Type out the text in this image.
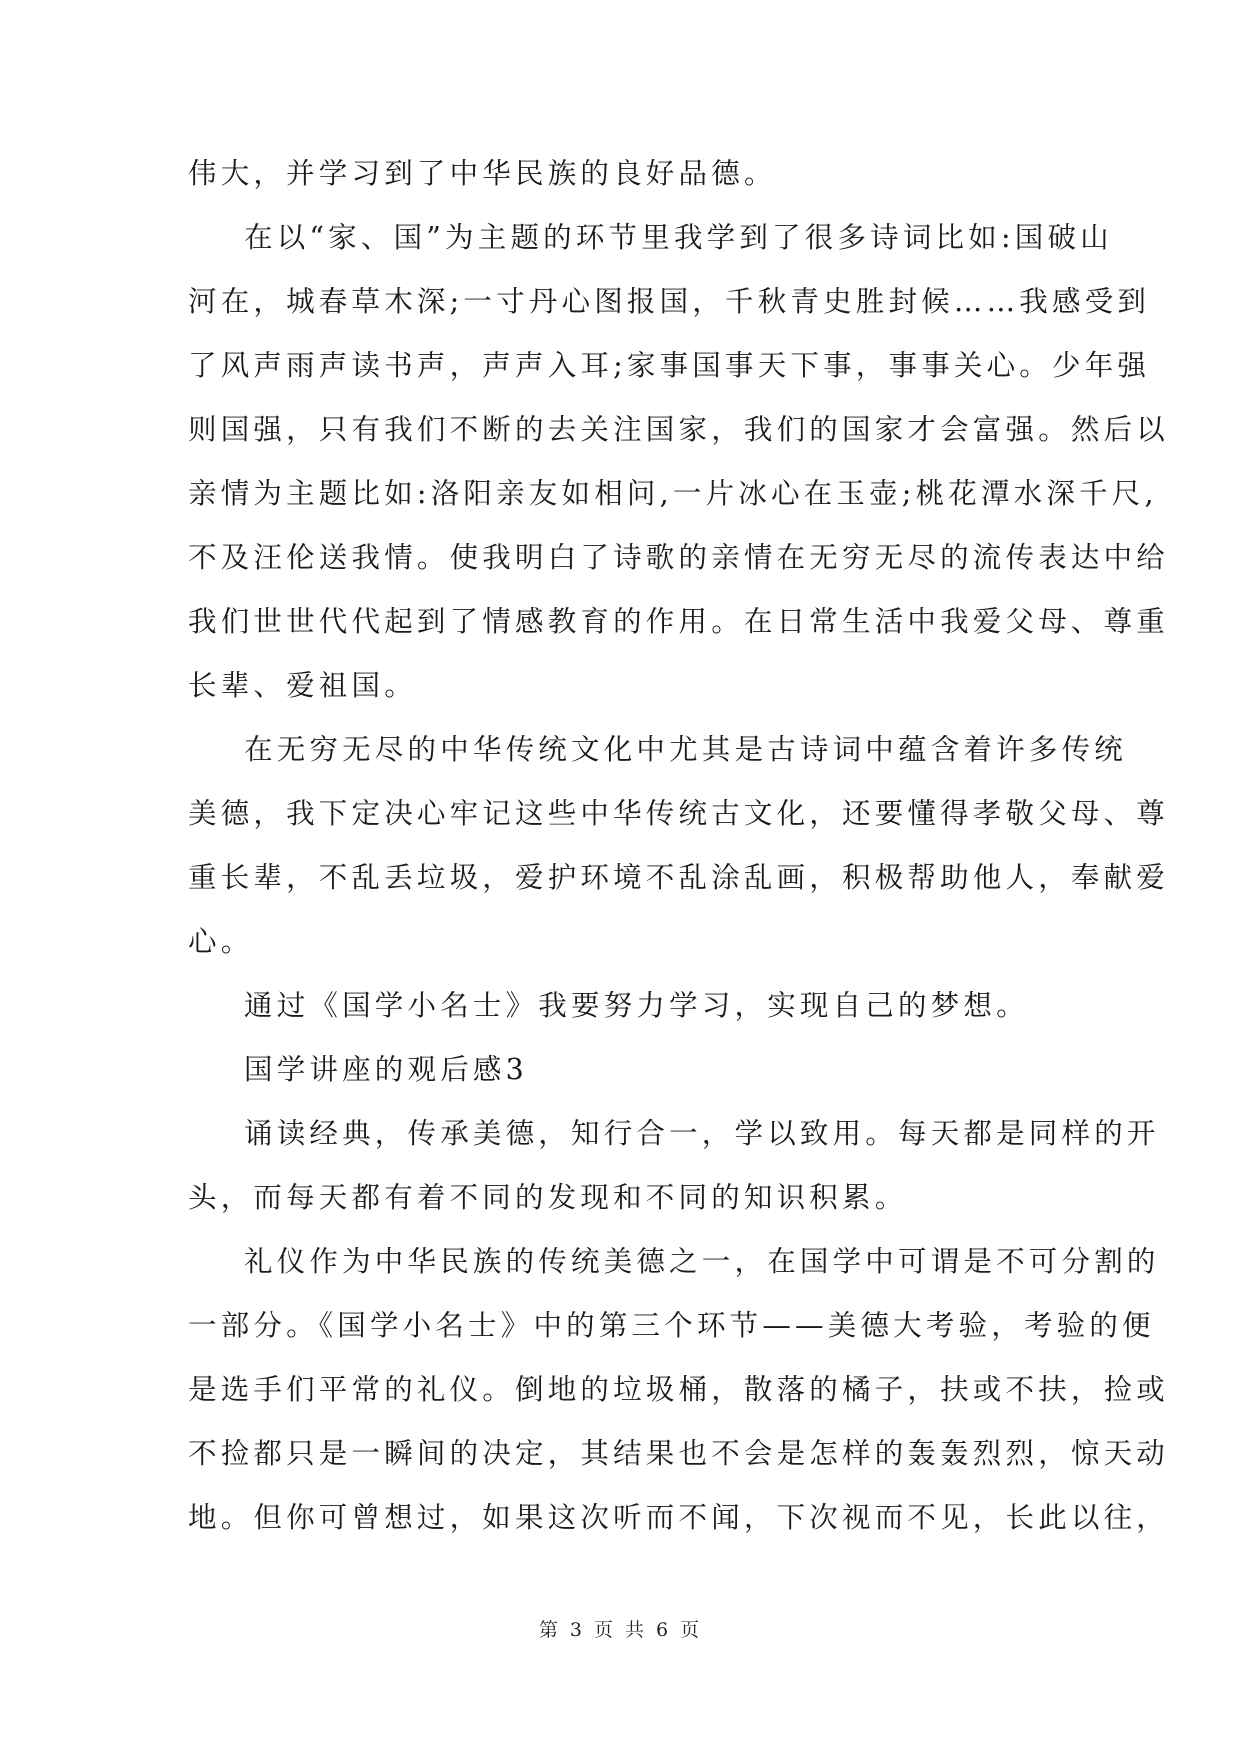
伟大，并学习到了中华民族的良好品德。
在以“家、国”为主题的环节里我学到了很多诗词比如:国破山
河在，城春草木深;一寸丹心图报国，千秋青史胜封候……我感受到
了风声雨声读书声，声声入耳;家事国事天下事，事事关心。少年强
则国强，只有我们不断的去关注国家，我们的国家才会富强。然后以
亲情为主题比如:洛阳亲友如相问,一片冰心在玉壶;桃花潭水深千尺,
不及汪伦送我情。使我明白了诗歌的亲情在无穷无尽的流传表达中给
我们世世代代起到了情感教育的作用。在日常生活中我爱父母、尊重
长辈、爱祖国。
在无穷无尽的中华传统文化中尤其是古诗词中蕴含着许多传统
美德，我下定决心牢记这些中华传统古文化，还要懂得孝敬父母、尊
重长辈，不乱丢垃圾，爱护环境不乱涂乱画，积极帮助他人，奉献爱
心。
通过《国学小名士》我要努力学习，实现自己的梦想。
国学讲座的观后感3
诵读经典，传承美德，知行合一，学以致用。每天都是同样的开
头，而每天都有着不同的发现和不同的知识积累。
礼仪作为中华民族的传统美德之一，在国学中可谓是不可分割的
一部分。《国学小名士》中的第三个环节——美德大考验，考验的便
是选手们平常的礼仪。倒地的垃圾桶，散落的橘子，扶或不扶，捡或
不捡都只是一瞬间的决定，其结果也不会是怎样的轰轰烈烈，惊天动
地。但你可曾想过，如果这次听而不闻，下次视而不见，长此以往，
第 3 页 共 6 页
